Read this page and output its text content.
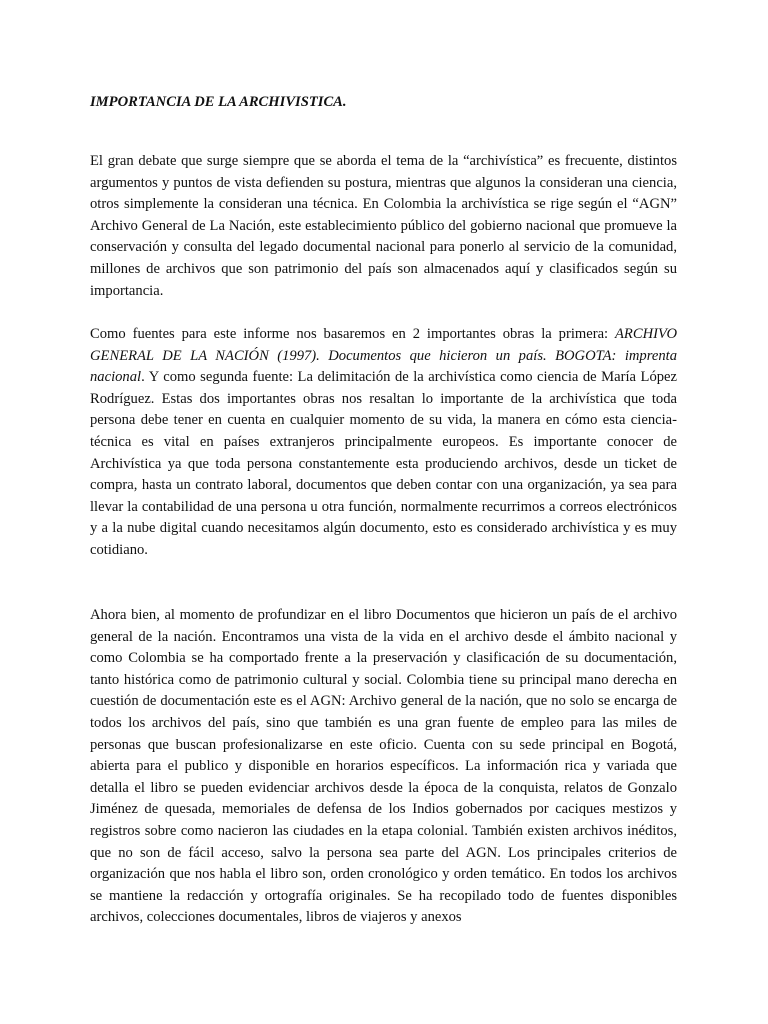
IMPORTANCIA DE LA ARCHIVISTICA.

El gran debate que surge siempre que se aborda el tema de la “archivística” es frecuente, distintos argumentos y puntos de vista defienden su postura, mientras que algunos la consideran una ciencia, otros simplemente la consideran una técnica. En Colombia la archivística se rige según el “AGN” Archivo General de La Nación, este establecimiento público del gobierno nacional que promueve la conservación y consulta del legado documental nacional para ponerlo al servicio de la comunidad, millones de archivos que son patrimonio del país son almacenados aquí y clasificados según su importancia.

Como fuentes para este informe nos basaremos en 2 importantes obras la primera: ARCHIVO GENERAL DE LA NACIÓN (1997). Documentos que hicieron un país. BOGOTA: imprenta nacional. Y como segunda fuente: La delimitación de la archivística como ciencia de María López Rodríguez. Estas dos importantes obras nos resaltan lo importante de la archivística que toda persona debe tener en cuenta en cualquier momento de su vida, la manera en cómo esta ciencia-técnica es vital en países extranjeros principalmente europeos. Es importante conocer de Archivística ya que toda persona constantemente esta produciendo archivos, desde un ticket de compra, hasta un contrato laboral, documentos que deben contar con una organización, ya sea para llevar la contabilidad de una persona u otra función, normalmente recurrimos a correos electrónicos y a la nube digital cuando necesitamos algún documento, esto es considerado archivística y es muy cotidiano.

Ahora bien, al momento de profundizar en el libro Documentos que hicieron un país de el archivo general de la nación. Encontramos una vista de la vida en el archivo desde el ámbito nacional y como Colombia se ha comportado frente a la preservación y clasificación de su documentación, tanto histórica como de patrimonio cultural y social. Colombia tiene su principal mano derecha en cuestión de documentación este es el AGN: Archivo general de la nación, que no solo se encarga de todos los archivos del país, sino que también es una gran fuente de empleo para las miles de personas que buscan profesionalizarse en este oficio. Cuenta con su sede principal en Bogotá, abierta para el publico y disponible en horarios específicos. La información rica y variada que detalla el libro se pueden evidenciar archivos desde la época de la conquista, relatos de Gonzalo Jiménez de quesada, memoriales de defensa de los Indios gobernados por caciques mestizos y registros sobre como nacieron las ciudades en la etapa colonial. También existen archivos inéditos, que no son de fácil acceso, salvo la persona sea parte del AGN. Los principales criterios de organización que nos habla el libro son, orden cronológico y orden temático. En todos los archivos se mantiene la redacción y ortografía originales. Se ha recopilado todo de fuentes disponibles archivos, colecciones documentales, libros de viajeros y anexos
